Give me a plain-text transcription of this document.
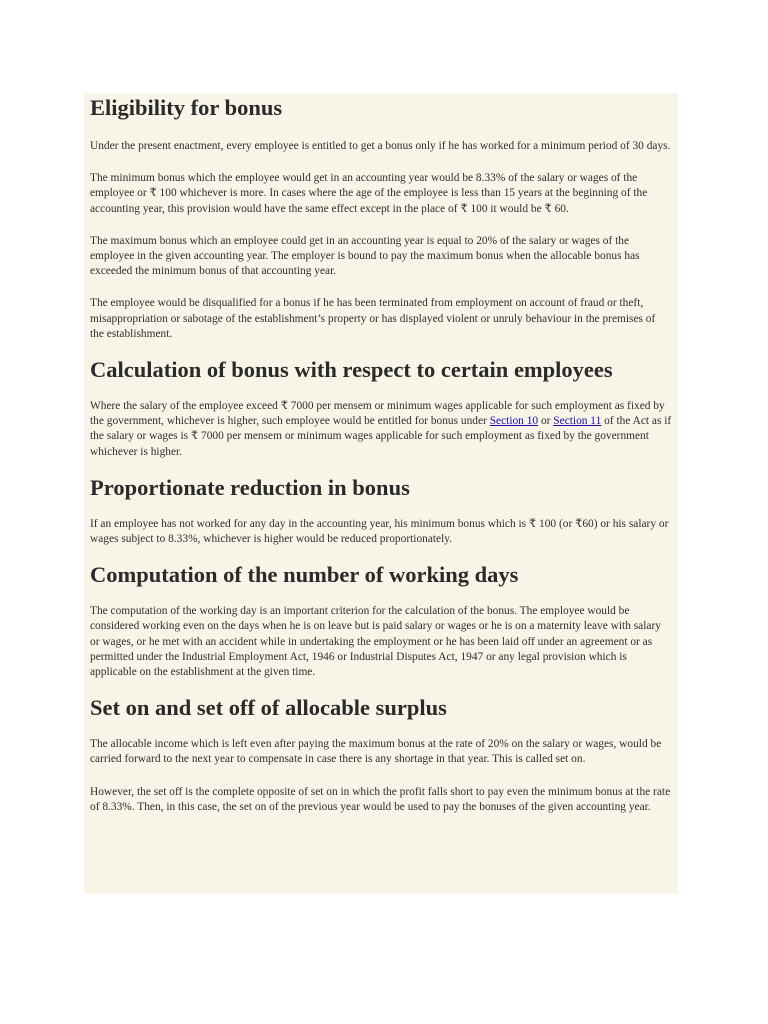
Eligibility for bonus

Under the present enactment, every employee is entitled to get a bonus only if he has worked for a minimum period of 30 days.

The minimum bonus which the employee would get in an accounting year would be 8.33% of the salary or wages of the employee or ₹ 100 whichever is more. In cases where the age of the employee is less than 15 years at the beginning of the accounting year, this provision would have the same effect except in the place of ₹ 100 it would be ₹ 60.

The maximum bonus which an employee could get in an accounting year is equal to 20% of the salary or wages of the employee in the given accounting year. The employer is bound to pay the maximum bonus when the allocable bonus has exceeded the minimum bonus of that accounting year.

The employee would be disqualified for a bonus if he has been terminated from employment on account of fraud or theft, misappropriation or sabotage of the establishment’s property or has displayed violent or unruly behaviour in the premises of the establishment.

Calculation of bonus with respect to certain employees

Where the salary of the employee exceed ₹ 7000 per mensem or minimum wages applicable for such employment as fixed by the government, whichever is higher, such employee would be entitled for bonus under Section 10 or Section 11 of the Act as if the salary or wages is ₹ 7000 per mensem or minimum wages applicable for such employment as fixed by the government whichever is higher.

Proportionate reduction in bonus

If an employee has not worked for any day in the accounting year, his minimum bonus which is ₹ 100 (or ₹60) or his salary or wages subject to 8.33%, whichever is higher would be reduced proportionately.

Computation of the number of working days

The computation of the working day is an important criterion for the calculation of the bonus. The employee would be considered working even on the days when he is on leave but is paid salary or wages or he is on a maternity leave with salary or wages, or he met with an accident while in undertaking the employment or he has been laid off under an agreement or as permitted under the Industrial Employment Act, 1946 or Industrial Disputes Act, 1947 or any legal provision which is applicable on the establishment at the given time.

Set on and set off of allocable surplus

The allocable income which is left even after paying the maximum bonus at the rate of 20% on the salary or wages, would be carried forward to the next year to compensate in case there is any shortage in that year. This is called set on.

However, the set off is the complete opposite of set on in which the profit falls short to pay even the minimum bonus at the rate of 8.33%. Then, in this case, the set on of the previous year would be used to pay the bonuses of the given accounting year.
